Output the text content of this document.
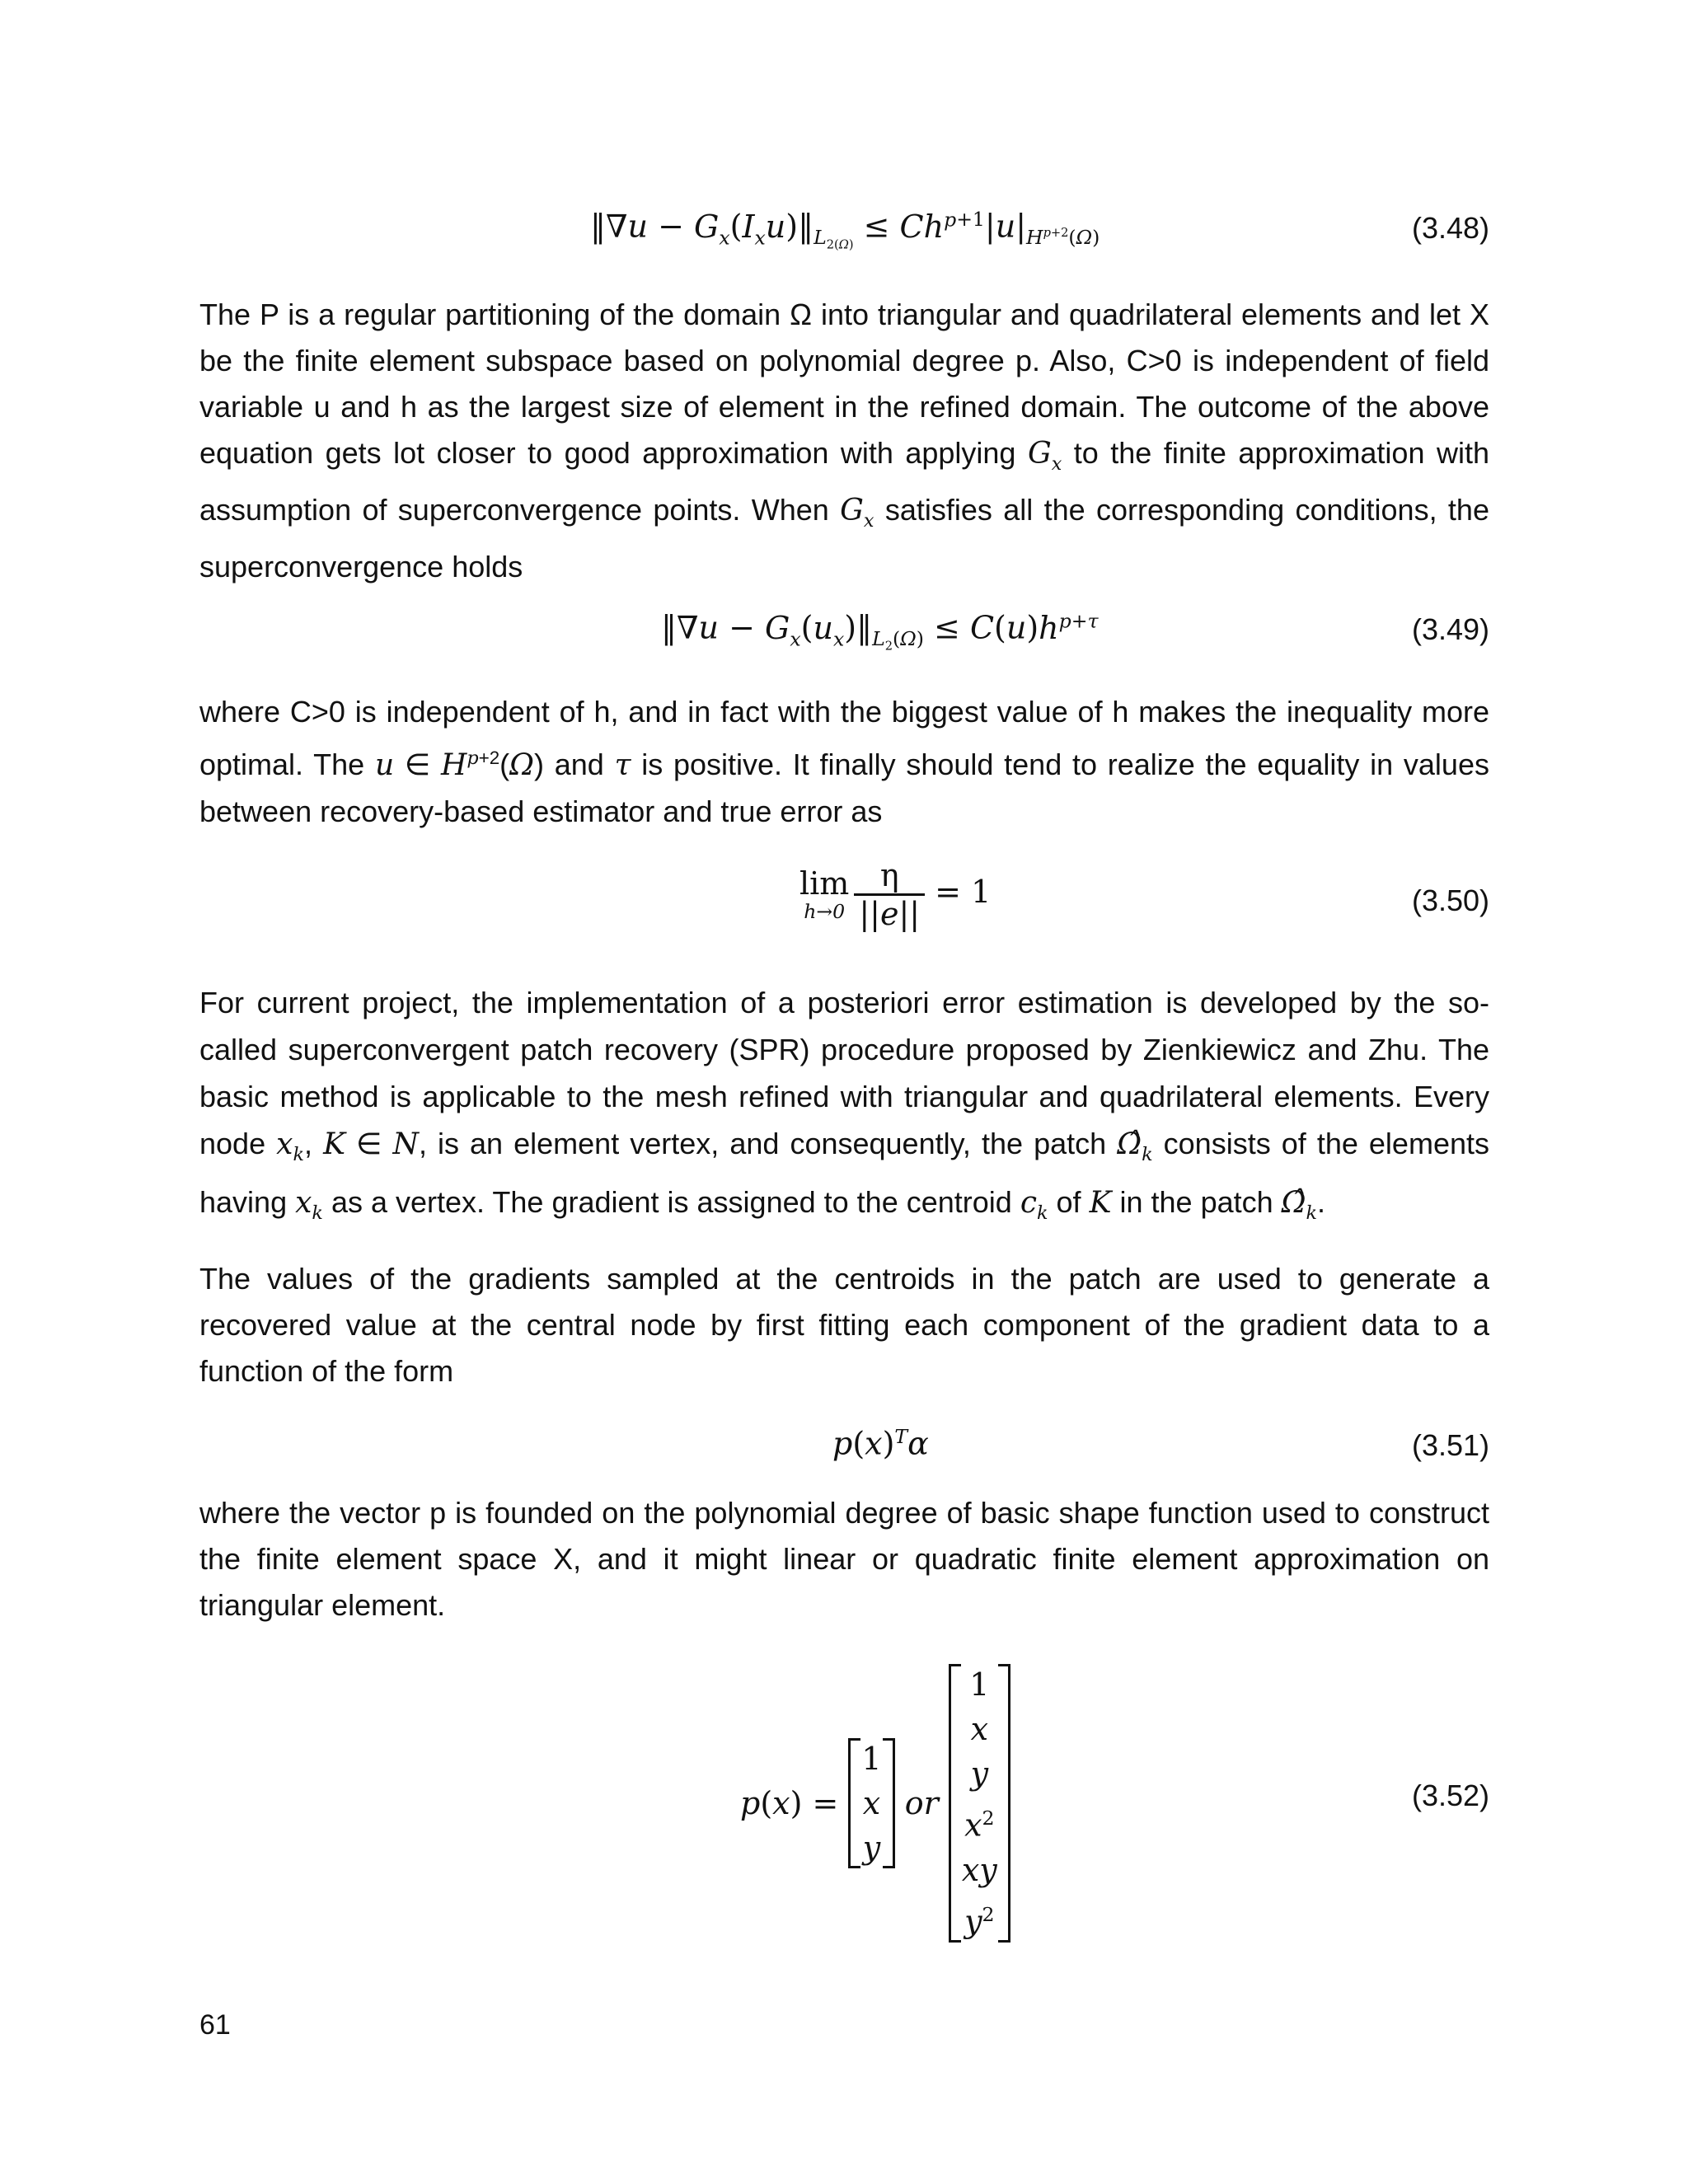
‖∇u − $G_x(I_xu)‖_{L_{2(\Omega)}} \le Ch^{p+1}|u|_{H^{p+2}(\Omega)}$	(3.48)
The P is a regular partitioning of the domain Ω into triangular and quadrilateral elements and let X be the finite element subspace based on polynomial degree p. Also, C>0 is independent of field variable u and h as the largest size of element in the refined domain. The outcome of the above equation gets lot closer to good approximation with applying $G_x$ to the finite approximation with assumption of superconvergence points. When $G_x$ satisfies all the corresponding conditions, the superconvergence holds
‖∇u − $G_x(u_x)‖_{L_2(\Omega)} \le C(u)h^{p+\tau}$	(3.49)
where C>0 is independent of h, and in fact with the biggest value of h makes the inequality more optimal. The u ∈ $H^{p+2}(\Omega)$ and τ is positive. It finally should tend to realize the equality in values between recovery-based estimator and true error as
lim
$h\to 0 \frac{\eta}{||e||} = 1$	(3.50)
For current project, the implementation of a posteriori error estimation is developed by the so-called superconvergent patch recovery (SPR) procedure proposed by Zienkiewicz and Zhu. The basic method is applicable to the mesh refined with triangular and quadrilateral elements. Every node $x_k$, K ∈ N, is an element vertex, and consequently, the patch $\Omegâ_k$ consists of the elements having $x_k$ as a vertex. The gradient is assigned to the centroid $c_k$ of K in the patch $\Omegâ_k$.
The values of the gradients sampled at the centroids in the patch are used to generate a recovered value at the central node by first fitting each component of the gradient data to a function of the form
$p(x)^T\alpha$	(3.51)
where the vector p is founded on the polynomial degree of basic shape function used to construct the finite element space X, and it might linear or quadratic finite element approximation on triangular element.
p ( x ) =
1
x
y

or

1
x
y
$x^2$
xy
$y^2$
(3.52)
61
